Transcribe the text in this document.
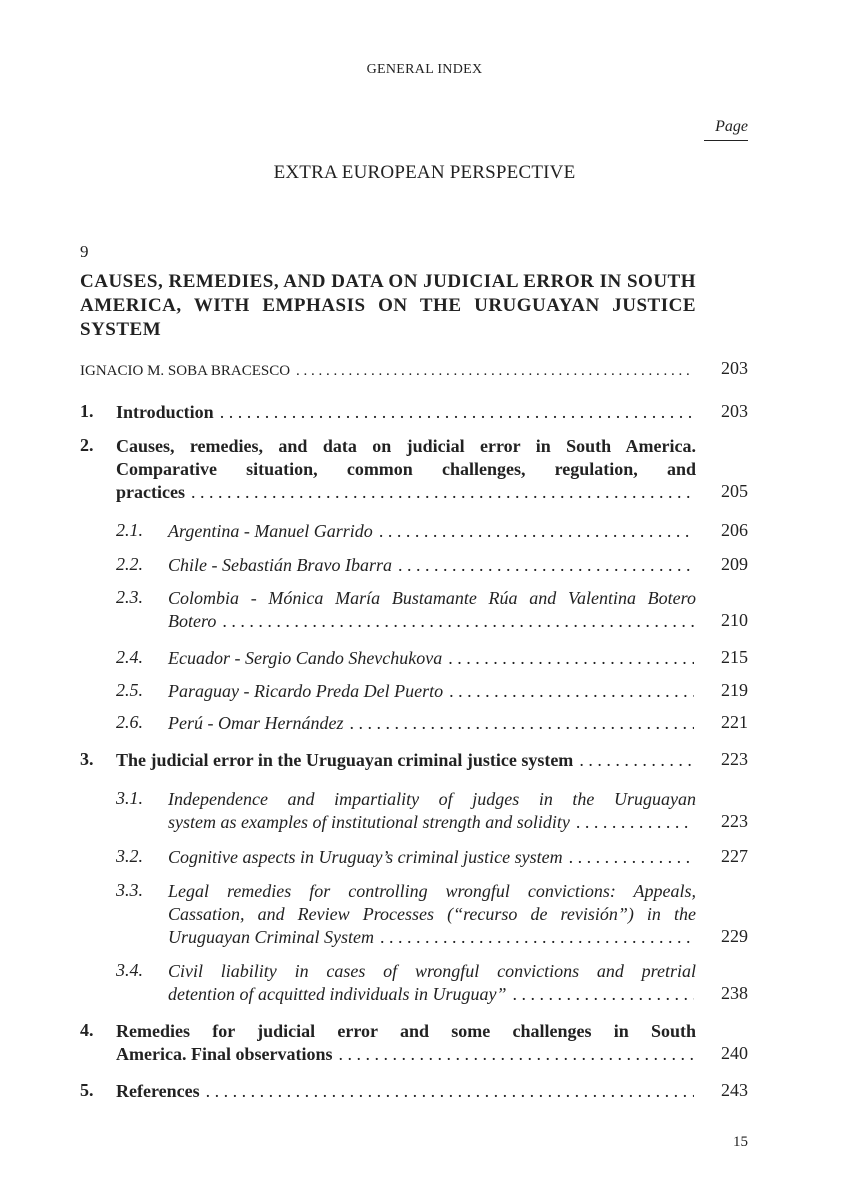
GENERAL INDEX
Page
EXTRA EUROPEAN PERSPECTIVE
9
CAUSES, REMEDIES, AND DATA ON JUDICIAL ERROR IN SOUTH AMERICA, WITH EMPHASIS ON THE URUGUAYAN JUSTICE SYSTEM
IGNACIO M. SOBA BRACESCO . . .	203
1. Introduction . . .	203
2. Causes, remedies, and data on judicial error in South America.
Comparative situation, common challenges, regulation, and
practices . . .	205
2.1. Argentina - Manuel Garrido . . .	206
2.2. Chile - Sebastián Bravo Ibarra . . .	209
2.3. Colombia - Mónica María Bustamante Rúa and Valentina Botero
Botero . . .	210
2.4. Ecuador - Sergio Cando Shevchukova . . .	215
2.5. Paraguay - Ricardo Preda Del Puerto . . .	219
2.6. Perú - Omar Hernández . . .	221
3. The judicial error in the Uruguayan criminal justice system . . .	223
3.1. Independence and impartiality of judges in the Uruguayan
system as examples of institutional strength and solidity . . .	223
3.2. Cognitive aspects in Uruguay’s criminal justice system . . .	227
3.3. Legal remedies for controlling wrongful convictions: Appeals,
Cassation, and Review Processes (“recurso de revisión”) in the
Uruguayan Criminal System . . .	229
3.4. Civil liability in cases of wrongful convictions and pretrial
detention of acquitted individuals in Uruguay” . . .	238
4. Remedies for judicial error and some challenges in South
America. Final observations . . .	240
5. References . . .	243
15
